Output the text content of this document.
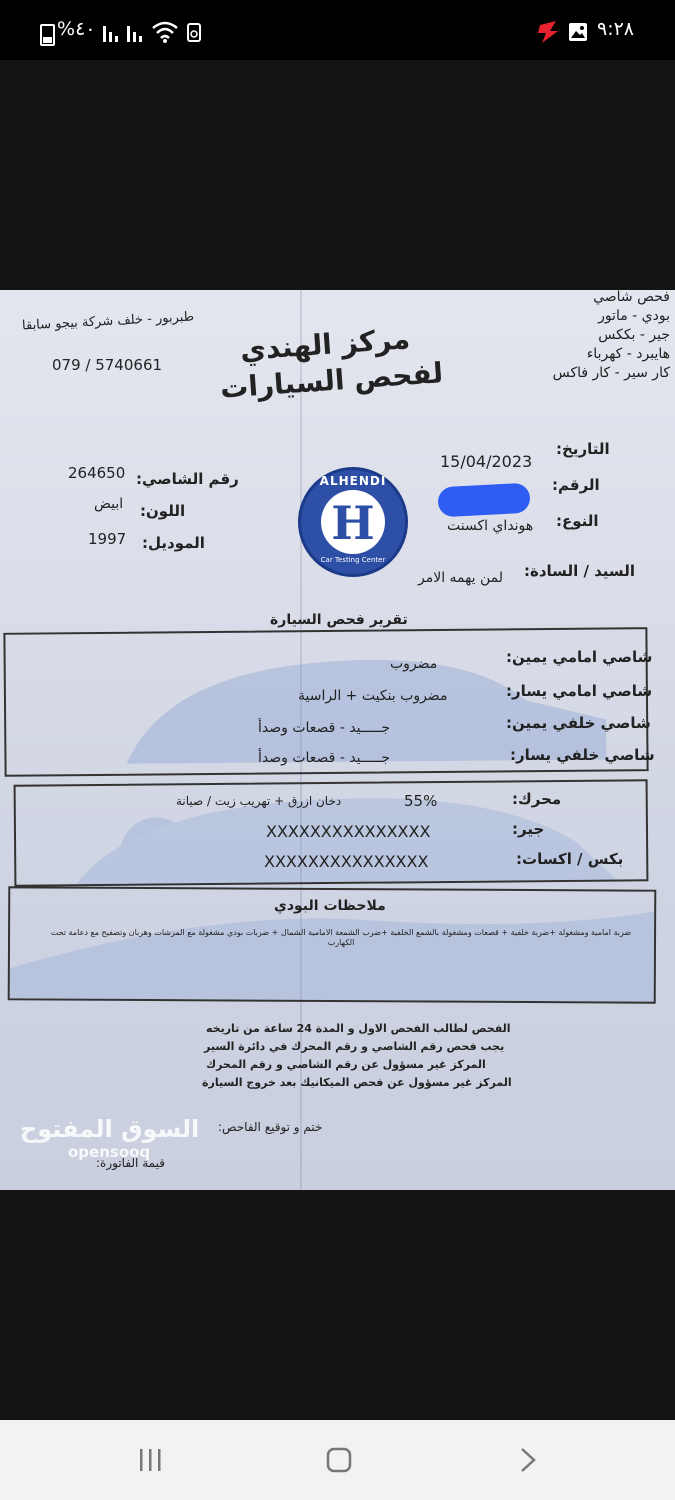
%٤٠	٩:٢٨
مركز الهندي
لفحص السيارات
طبربور - خلف شركة بيجو سابقا
079 / 5740661
فحص شاصي
بودي - ماتور
جير - بككس
هايبرد - كهرباء
كار سير - كار فاكس
H
ALHENDI
Car Testing Center
التاريخ:
15/04/2023
الرقم:
النوع:
هونداي اكسنت
السيد / السادة:
لمن يهمه الامر
264650 رقم الشاصي:
ابيض اللون:
1997 الموديل:
تقرير فحص السيارة
شاصي امامي يمين:
مضروب
شاصي امامي يسار:
مضروب بنكيت + الراسية
شاصي خلفي يمين:
جـــــيد - قصعات وصدأ
شاصي خلفي يسار:
جـــــيد - قصعات وصدأ
محرك:
55%
دخان ازرق + تهريب زيت / صيانة
جير:
XXXXXXXXXXXXXXX
بكس / اكسات:
XXXXXXXXXXXXXXX
ملاحظات البودي
ضربة امامية ومشغولة +ضربة خلفية + قصعات ومشغولة بالشمع الخلفية +ضرب الشمعة الامامية الشمال + ضربات بودي مشغولة مع المرشات وهربان وتصفيح مع دعامة تحت الكهارب
الفحص لطالب الفحص الاول و المدة 24 ساعة من تاريخه
يجب فحص رقم الشاصي و رقم المحرك في دائرة السير
المركز غير مسؤول عن رقم الشاصي و رقم المحرك
المركز غير مسؤول عن فحص الميكانيك بعد خروج السيارة
ختم و توقيع الفاحص:
قيمة الفاتورة:
السوق المفتوح
opensooq
